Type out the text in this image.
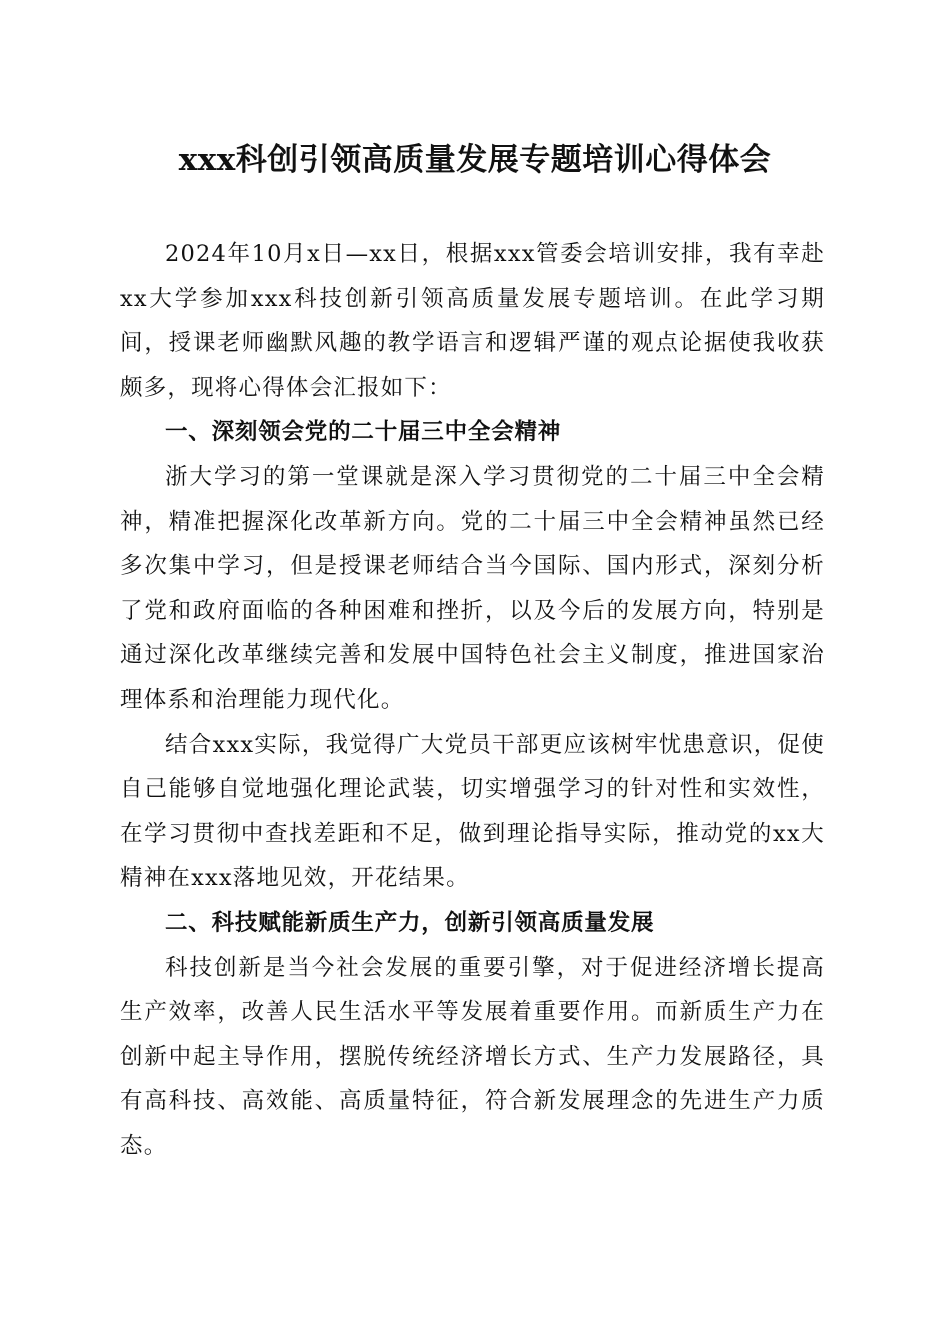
xxx科创引领高质量发展专题培训心得体会

2024年10月x日—xx日，根据xxx管委会培训安排，我有幸赴xx大学参加xxx科技创新引领高质量发展专题培训。在此学习期间，授课老师幽默风趣的教学语言和逻辑严谨的观点论据使我收获颇多，现将心得体会汇报如下：

一、深刻领会党的二十届三中全会精神

浙大学习的第一堂课就是深入学习贯彻党的二十届三中全会精神，精准把握深化改革新方向。党的二十届三中全会精神虽然已经多次集中学习，但是授课老师结合当今国际、国内形式，深刻分析了党和政府面临的各种困难和挫折，以及今后的发展方向，特别是通过深化改革继续完善和发展中国特色社会主义制度，推进国家治理体系和治理能力现代化。

结合xxx实际，我觉得广大党员干部更应该树牢忧患意识，促使自己能够自觉地强化理论武装，切实增强学习的针对性和实效性，在学习贯彻中查找差距和不足，做到理论指导实际，推动党的xx大精神在xxx落地见效，开花结果。

二、科技赋能新质生产力，创新引领高质量发展

科技创新是当今社会发展的重要引擎，对于促进经济增长提高生产效率，改善人民生活水平等发展着重要作用。而新质生产力在创新中起主导作用，摆脱传统经济增长方式、生产力发展路径，具有高科技、高效能、高质量特征，符合新发展理念的先进生产力质态。
